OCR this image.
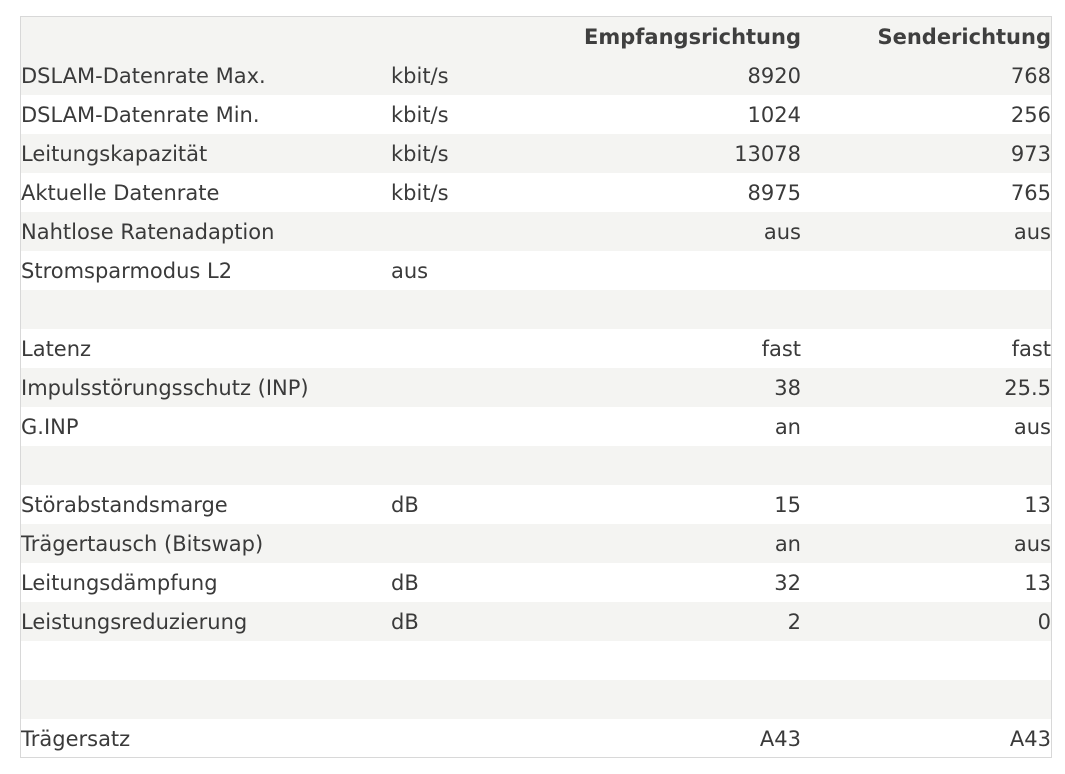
		Empfangsrichtung	Senderichtung
DSLAM-Datenrate Max.	kbit/s	8920	768
DSLAM-Datenrate Min.	kbit/s	1024	256
Leitungskapazität	kbit/s	13078	973
Aktuelle Datenrate	kbit/s	8975	765
Nahtlose Ratenadaption		aus	aus
Stromsparmodus L2	aus		

Latenz		fast	fast
Impulsstörungsschutz (INP)		38	25.5
G.INP		an	aus

Störabstandsmarge	dB	15	13
Trägertausch (Bitswap)		an	aus
Leitungsdämpfung	dB	32	13
Leistungsreduzierung	dB	2	0

Trägersatz		A43	A43
